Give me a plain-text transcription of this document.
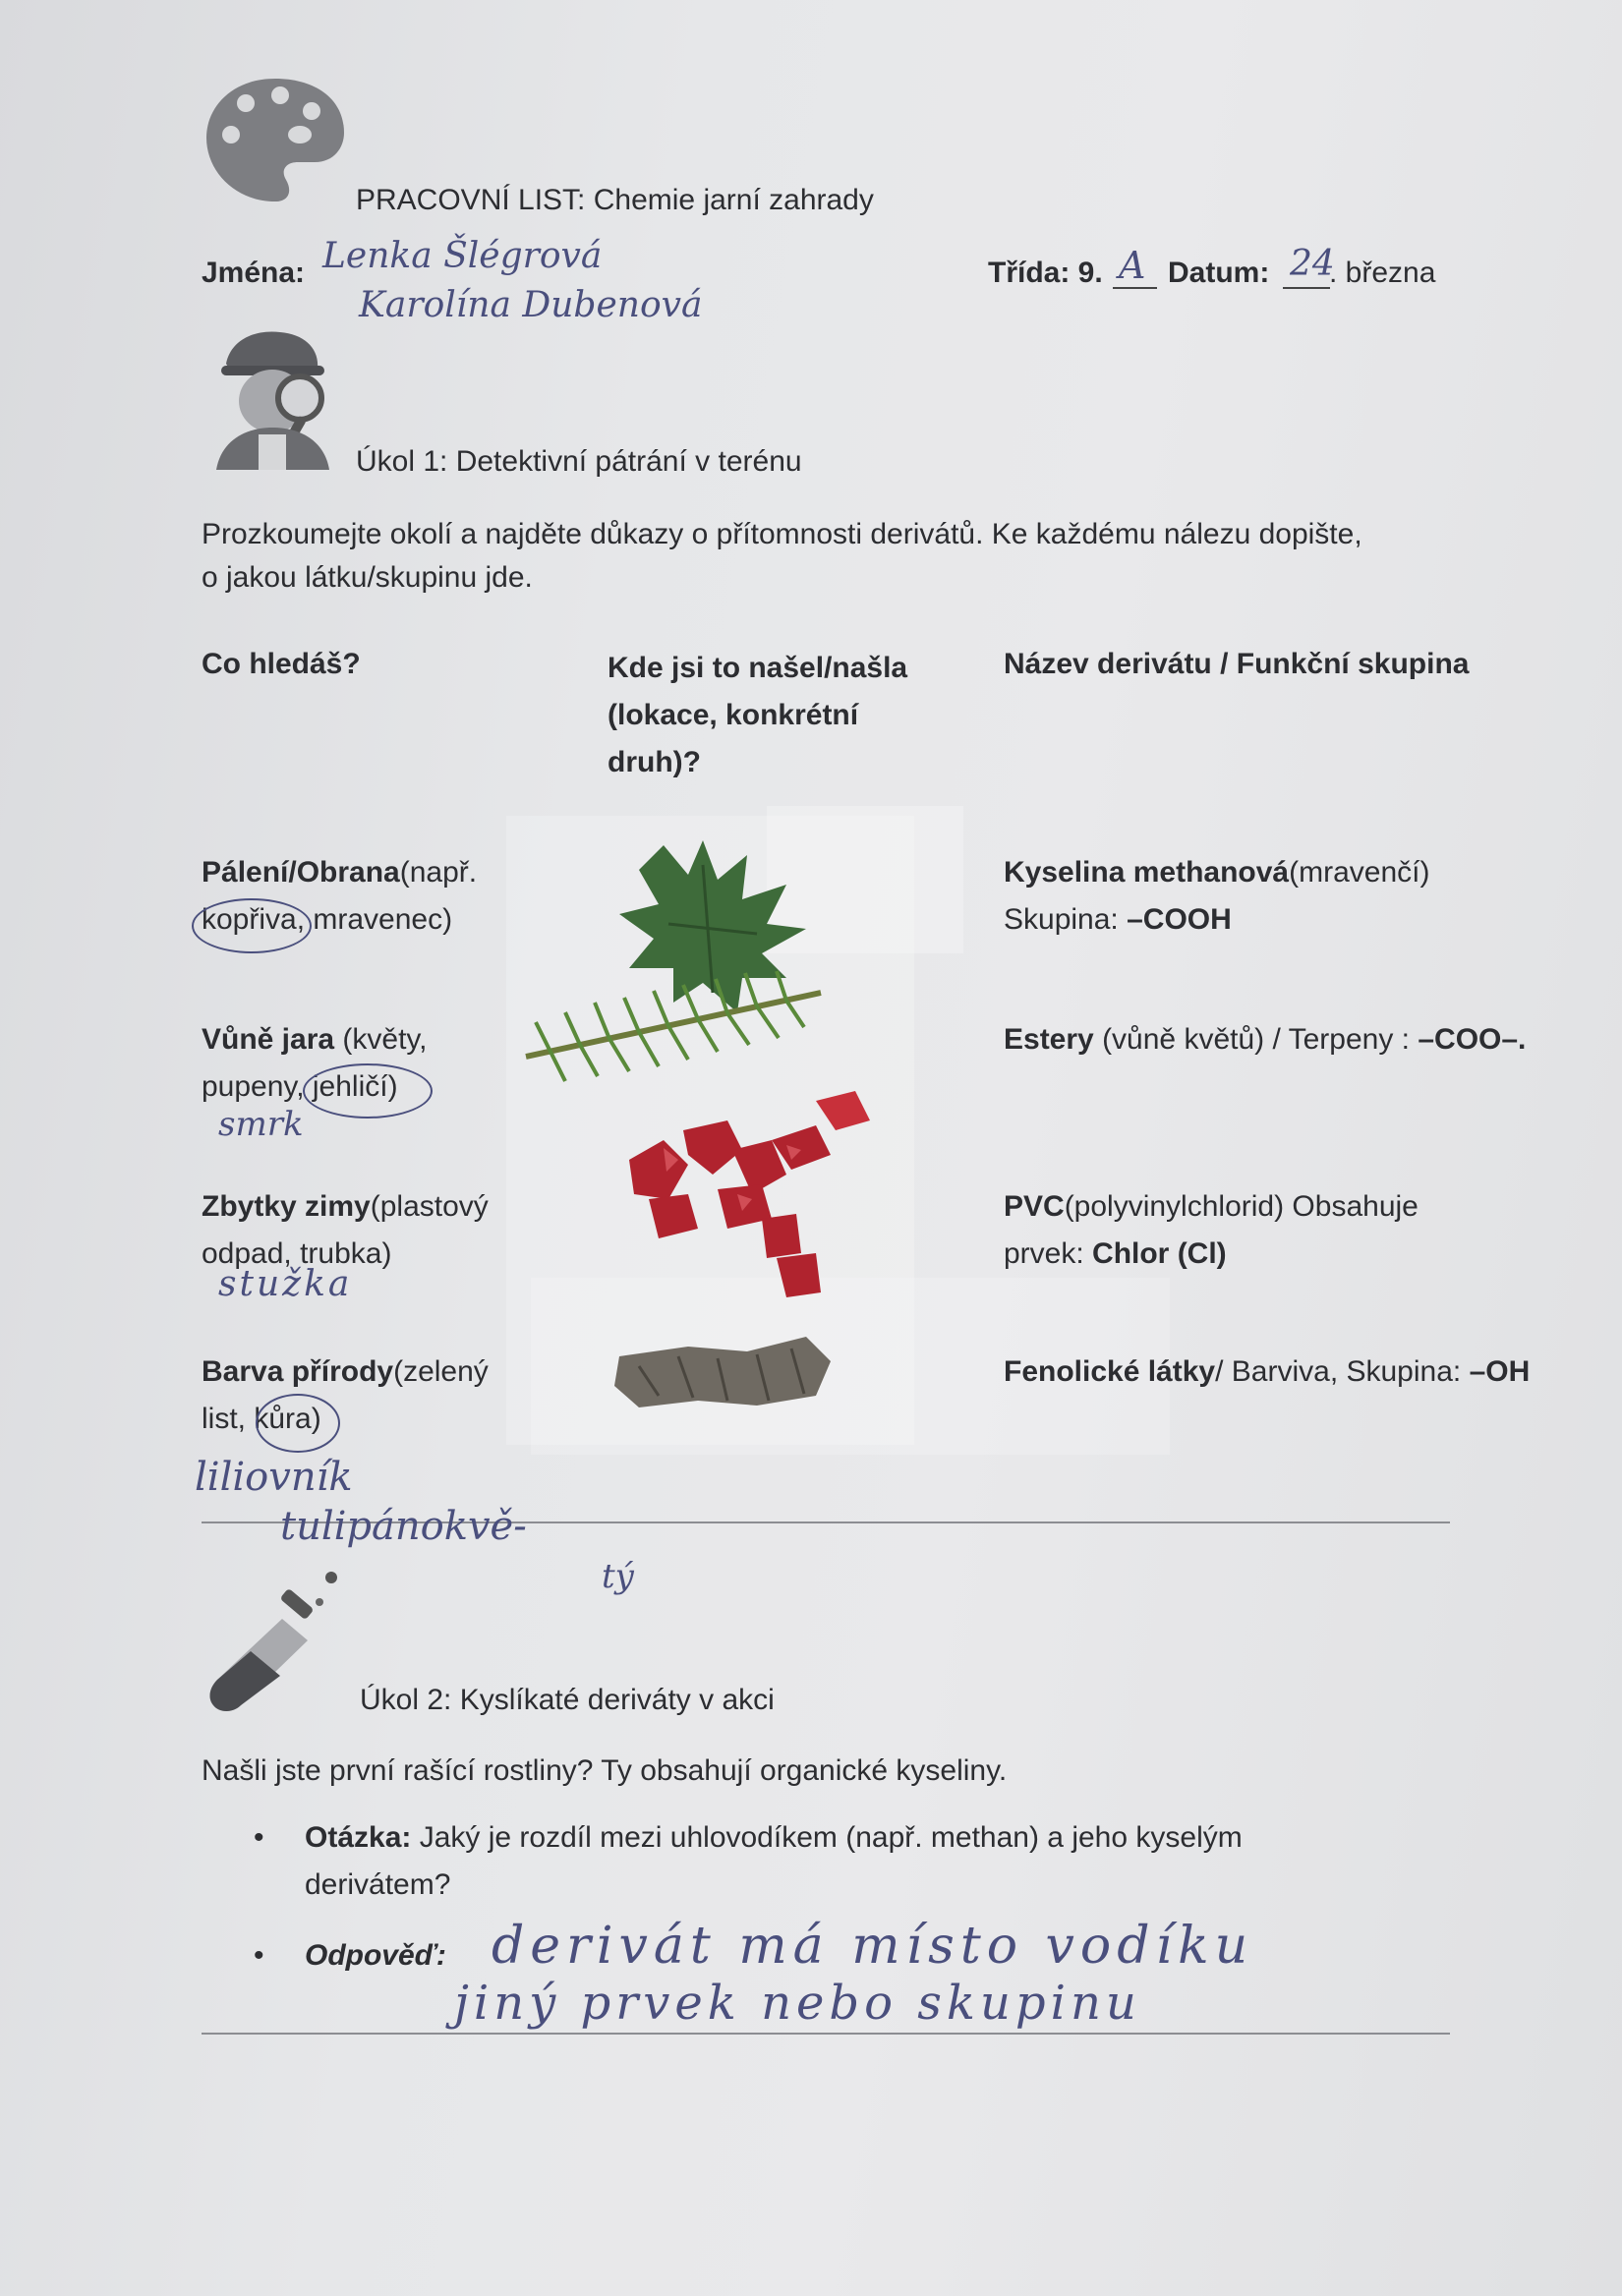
PRACOVNÍ LIST: Chemie jarní zahrady
Jména: Lenka Šlégrová
Karolína Dubenová
Třída: 9. A Datum: 24
. března
Úkol 1: Detektivní pátrání v terénu
Prozkoumejte okolí a najděte důkazy o přítomnosti derivátů. Ke každému nálezu dopište,
o jakou látku/skupinu jde.
Co hledáš?	Kde jsi to našel/našla
(lokace, konkrétní
druh)?
Název derivátu / Funkční skupina
Pálení/Obrana(např.
kopřiva, mravenec)
Kyselina methanová(mravenčí)
Skupina: –COOH
Vůně jara (květy,
pupeny, jehličí)
smrk
Estery (vůně květů) / Terpeny : –COO–.
Zbytky zimy(plastový
odpad, trubka)
stužka
PVC(polyvinylchlorid) Obsahuje
prvek: Chlor (Cl)
Barva přírody(zelený
list, kůra)
Fenolické látky/ Barviva, Skupina: –OH
liliovník
tulipánokvě-
tý
Úkol 2: Kyslíkaté deriváty v akci
Našli jste první rašící rostliny? Ty obsahují organické kyseliny.
Otázka: Jaký je rozdíl mezi uhlovodíkem (např. methan) a jeho kyselým
derivátem?
Odpověď: derivát má místo vodíku
jiný prvek nebo skupinu
